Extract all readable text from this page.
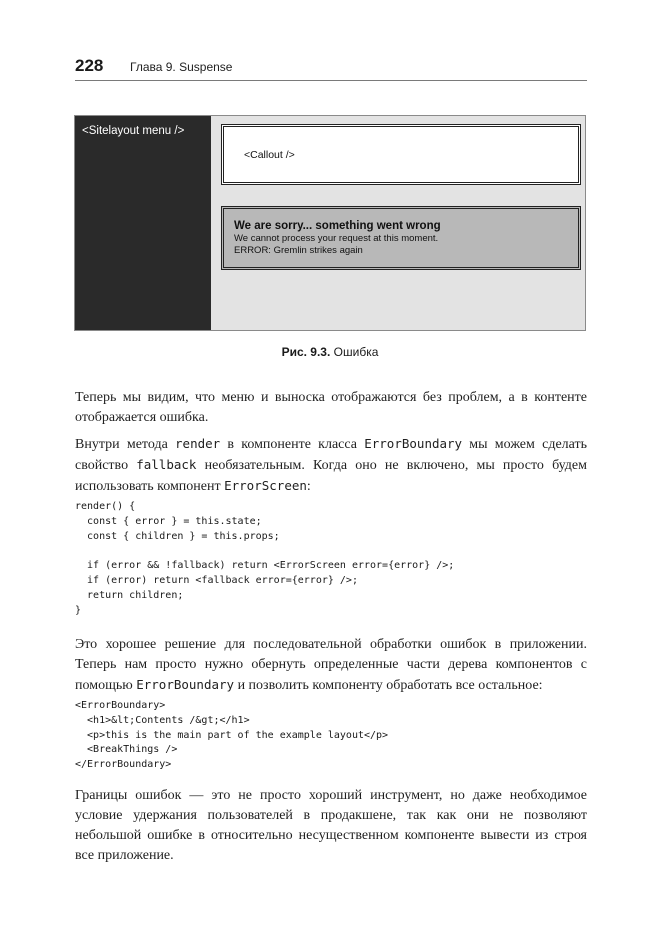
228 Глава 9. Suspense
<Sitelayout menu />
<Callout />
We are sorry... something went wrong
We cannot process your request at this moment.
ERROR: Gremlin strikes again
Рис. 9.3. Ошибка

Теперь мы видим, что меню и выноска отображаются без проблем, а в контенте отображается ошибка.

Внутри метода render в компоненте класса ErrorBoundary мы можем сделать свойство fallback необязательным. Когда оно не включено, мы просто будем использовать компонент ErrorScreen:

render() {
const { error } = this.state;
const { children } = this.props;
if (error && !fallback) return <ErrorScreen error={error} />;
if (error) return <fallback error={error} />;
return children;
}

Это хорошее решение для последовательной обработки ошибок в приложении. Теперь нам просто нужно обернуть определенные части дерева компонентов с помощью ErrorBoundary и позволить компоненту обработать все остальное:

<ErrorBoundary>
<h1>&lt;Contents /&gt;</h1>
<p>this is the main part of the example layout</p>
<BreakThings />
</ErrorBoundary>

Границы ошибок — это не просто хороший инструмент, но даже необходимое условие удержания пользователей в продакшене, так как они не позволяют небольшой ошибке в относительно несущественном компоненте вывести из строя все приложение.
